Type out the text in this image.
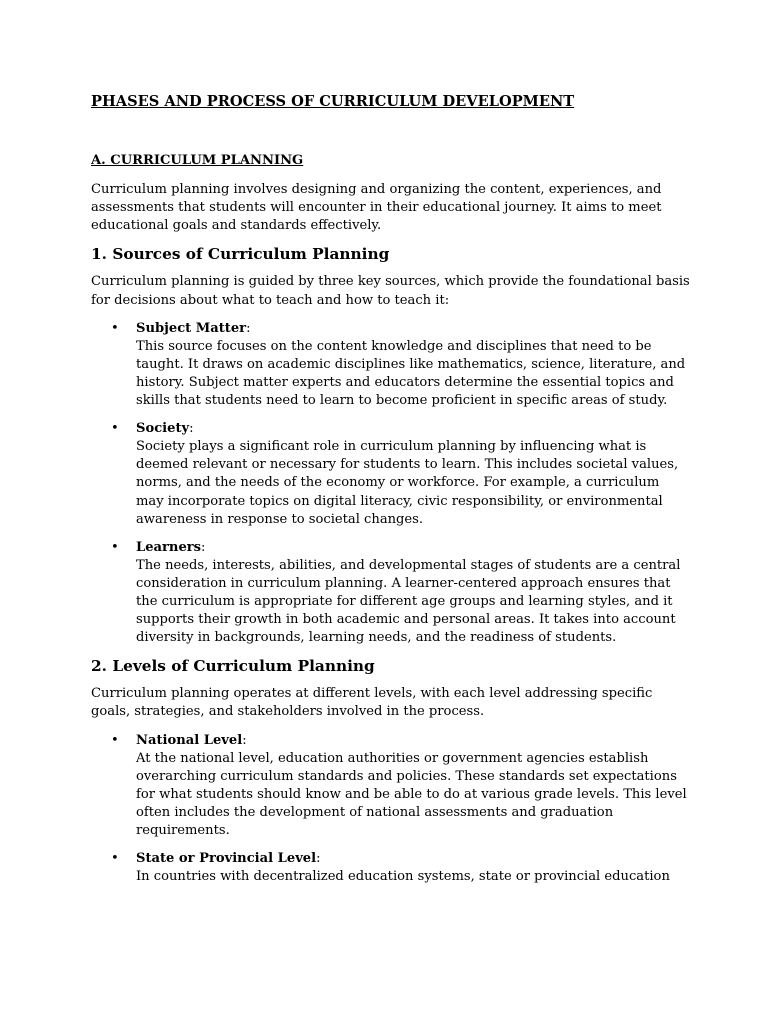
PHASES AND PROCESS OF CURRICULUM DEVELOPMENT
A. CURRICULUM PLANNING

Curriculum planning involves designing and organizing the content, experiences, and assessments that students will encounter in their educational journey. It aims to meet educational goals and standards effectively.

1. Sources of Curriculum Planning

Curriculum planning is guided by three key sources, which provide the foundational basis for decisions about what to teach and how to teach it:

• Subject Matter:
This source focuses on the content knowledge and disciplines that need to be taught. It draws on academic disciplines like mathematics, science, literature, and history. Subject matter experts and educators determine the essential topics and skills that students need to learn to become proficient in specific areas of study.
• Society:
Society plays a significant role in curriculum planning by influencing what is deemed relevant or necessary for students to learn. This includes societal values, norms, and the needs of the economy or workforce. For example, a curriculum may incorporate topics on digital literacy, civic responsibility, or environmental awareness in response to societal changes.
• Learners:
The needs, interests, abilities, and developmental stages of students are a central consideration in curriculum planning. A learner-centered approach ensures that the curriculum is appropriate for different age groups and learning styles, and it supports their growth in both academic and personal areas. It takes into account diversity in backgrounds, learning needs, and the readiness of students.
2. Levels of Curriculum Planning

Curriculum planning operates at different levels, with each level addressing specific goals, strategies, and stakeholders involved in the process.

• National Level:
At the national level, education authorities or government agencies establish overarching curriculum standards and policies. These standards set expectations for what students should know and be able to do at various grade levels. This level often includes the development of national assessments and graduation requirements.
• State or Provincial Level:
In countries with decentralized education systems, state or provincial education
